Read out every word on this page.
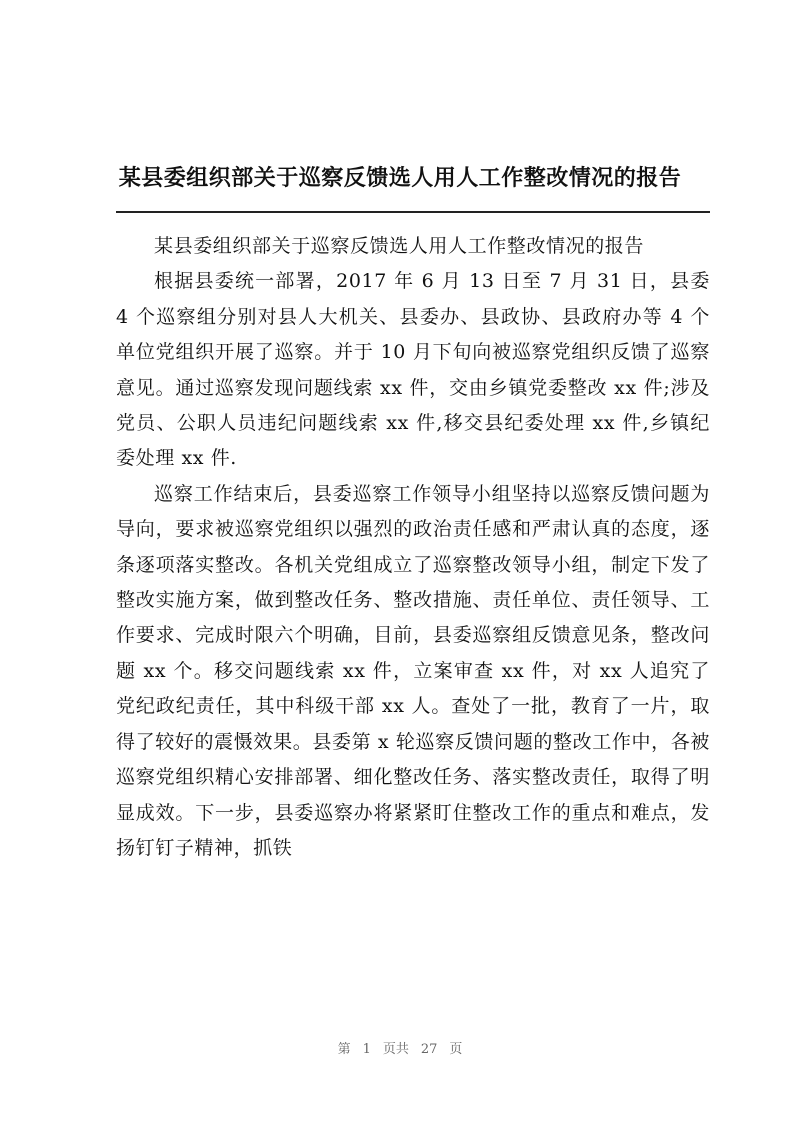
某县委组织部关于巡察反馈选人用人工作整改情况的报告

某县委组织部关于巡察反馈选人用人工作整改情况的报告

根据县委统一部署，2017 年 6 月 13 日至 7 月 31 日，县委 4 个巡察组分别对县人大机关、县委办、县政协、县政府办等 4 个单位党组织开展了巡察。并于 10 月下旬向被巡察党组织反馈了巡察意见。通过巡察发现问题线索 xx 件，交由乡镇党委整改 xx 件;涉及党员、公职人员违纪问题线索 xx 件,移交县纪委处理 xx 件,乡镇纪委处理 xx 件.

巡察工作结束后，县委巡察工作领导小组坚持以巡察反馈问题为导向，要求被巡察党组织以强烈的政治责任感和严肃认真的态度，逐条逐项落实整改。各机关党组成立了巡察整改领导小组，制定下发了整改实施方案，做到整改任务、整改措施、责任单位、责任领导、工作要求、完成时限六个明确，目前，县委巡察组反馈意见条，整改问题 xx 个。移交问题线索 xx 件，立案审查 xx 件，对 xx 人追究了党纪政纪责任，其中科级干部 xx 人。查处了一批，教育了一片，取得了较好的震慑效果。县委第 x 轮巡察反馈问题的整改工作中，各被巡察党组织精心安排部署、细化整改任务、落实整改责任，取得了明显成效。下一步，县委巡察办将紧紧盯住整改工作的重点和难点，发扬钉钉子精神，抓铁

第 1 页共 27 页
